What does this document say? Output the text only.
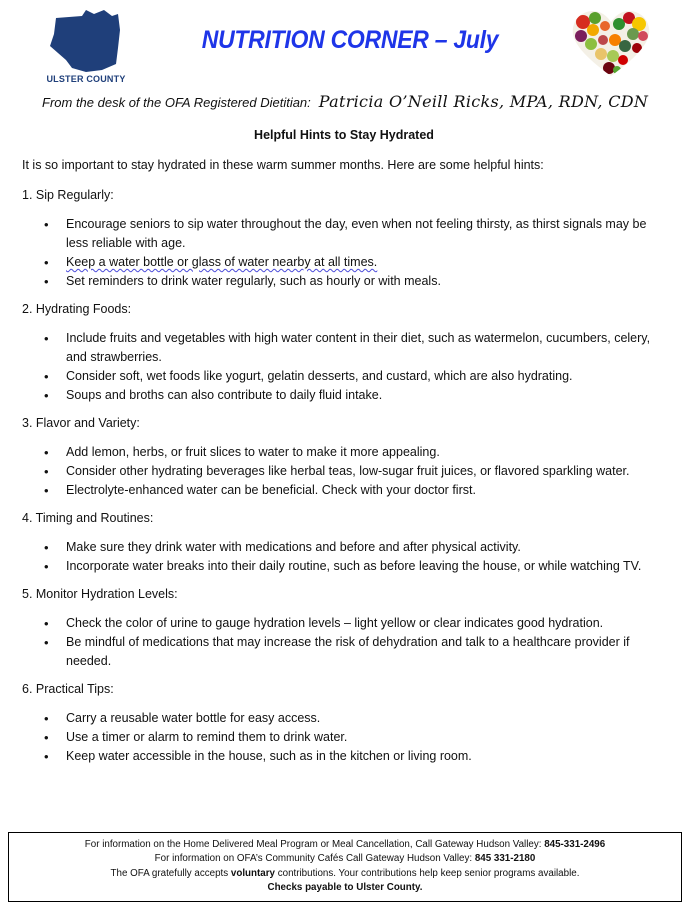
ULSTER COUNTY
NUTRITION CORNER – July
From the desk of the OFA Registered Dietitian: Patricia O’Neill Ricks, MPA, RDN, CDN
Helpful Hints to Stay Hydrated

It is so important to stay hydrated in these warm summer months. Here are some helpful hints:

1. Sip Regularly:

• Encourage seniors to sip water throughout the day, even when not feeling thirsty, as thirst signals may be less reliable with age.
• Keep a water bottle or glass of water nearby at all times.
• Set reminders to drink water regularly, such as hourly or with meals.

2. Hydrating Foods:

• Include fruits and vegetables with high water content in their diet, such as watermelon, cucumbers, celery, and strawberries.
• Consider soft, wet foods like yogurt, gelatin desserts, and custard, which are also hydrating.
• Soups and broths can also contribute to daily fluid intake.

3. Flavor and Variety:

• Add lemon, herbs, or fruit slices to water to make it more appealing.
• Consider other hydrating beverages like herbal teas, low-sugar fruit juices, or flavored sparkling water.
• Electrolyte-enhanced water can be beneficial. Check with your doctor first.

4. Timing and Routines:

• Make sure they drink water with medications and before and after physical activity.
• Incorporate water breaks into their daily routine, such as before leaving the house, or while watching TV.

5. Monitor Hydration Levels:

• Check the color of urine to gauge hydration levels – light yellow or clear indicates good hydration.
• Be mindful of medications that may increase the risk of dehydration and talk to a healthcare provider if needed.

6. Practical Tips:

• Carry a reusable water bottle for easy access.
• Use a timer or alarm to remind them to drink water.
• Keep water accessible in the house, such as in the kitchen or living room.
For information on the Home Delivered Meal Program or Meal Cancellation, Call Gateway Hudson Valley: 845-331-2496
For information on OFA’s Community Cafés Call Gateway Hudson Valley: 845 331-2180
The OFA gratefully accepts voluntary contributions. Your contributions help keep senior programs available.
Checks payable to Ulster County.
